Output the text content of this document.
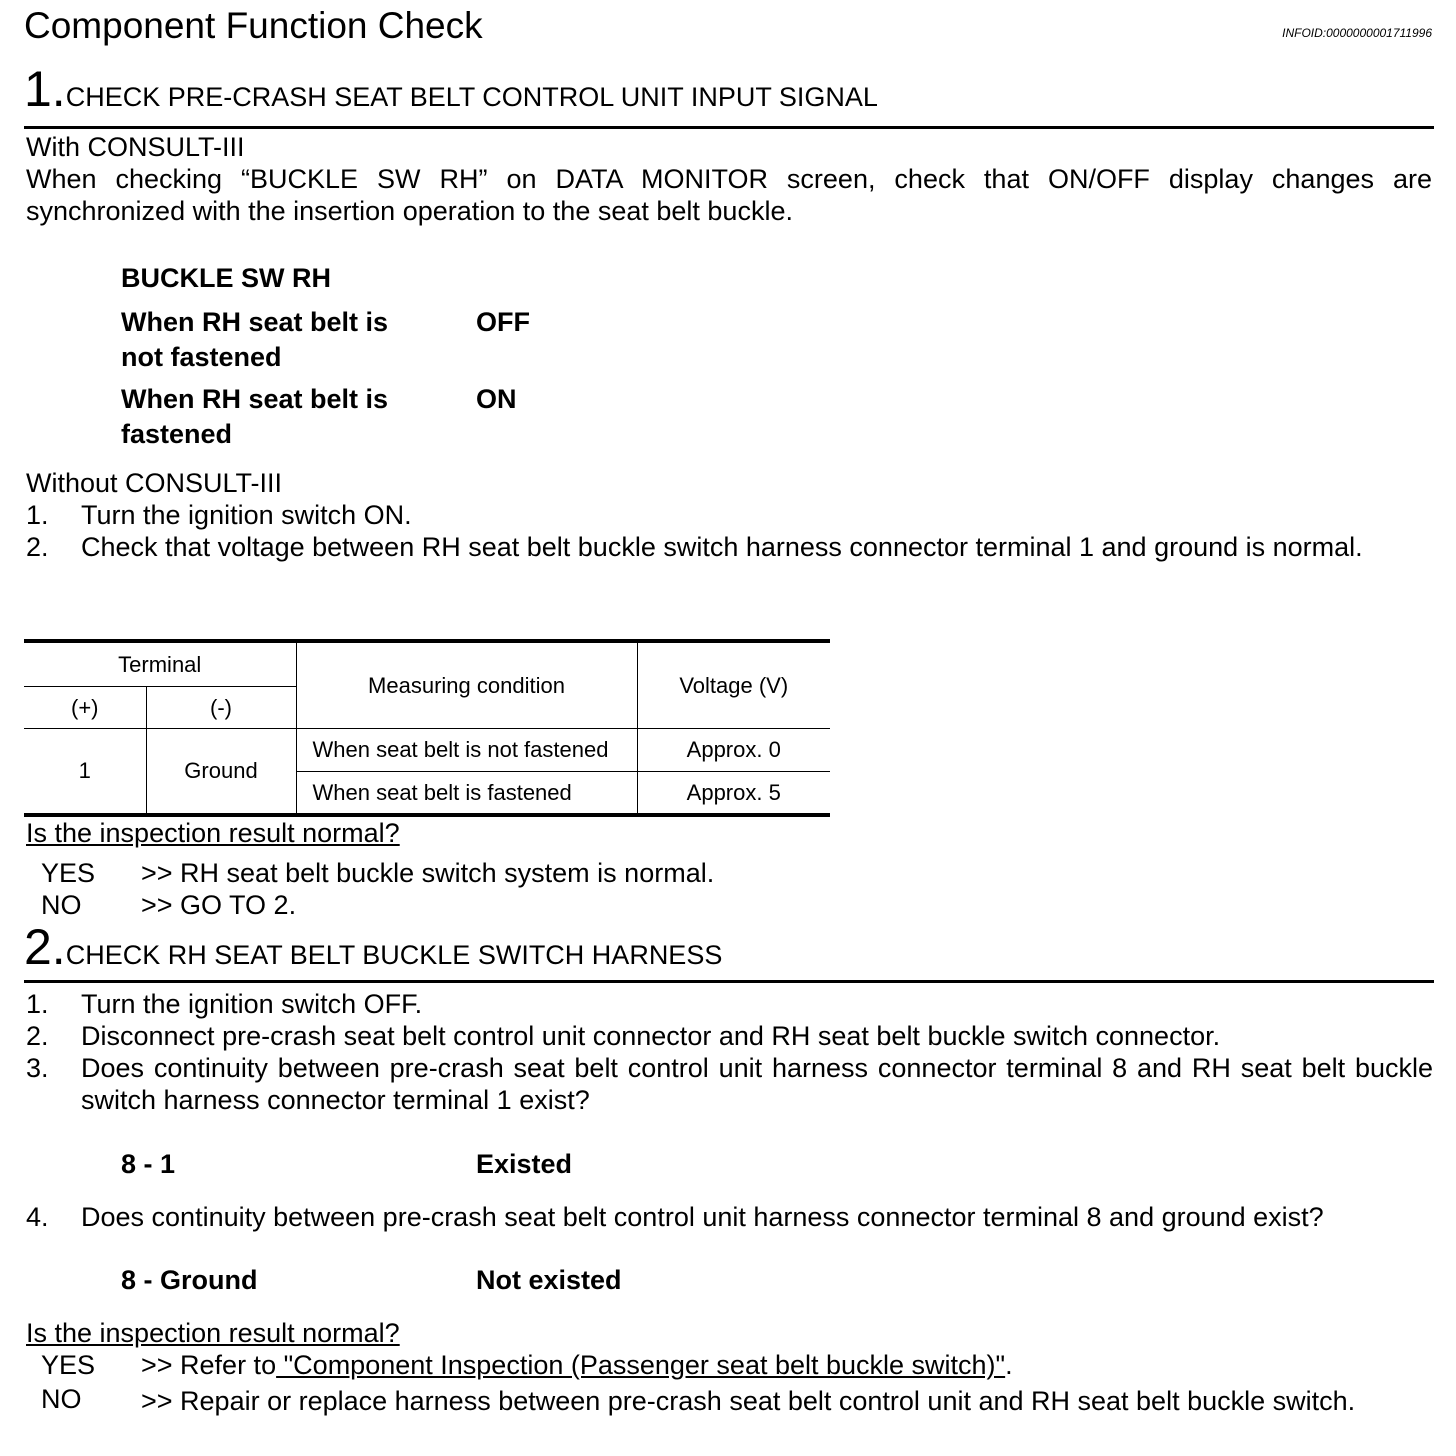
Component Function Check	INFOID:0000000001711996
1.CHECK PRE-CRASH SEAT BELT CONTROL UNIT INPUT SIGNAL
With CONSULT-III
When checking “BUCKLE SW RH” on DATA MONITOR screen, check that ON/OFF display changes are synchronized with the insertion operation to the seat belt buckle.
BUCKLE SW RH
When RH seat belt is
not fastened
OFF
When RH seat belt is
fastened
ON
Without CONSULT-III
1. Turn the ignition switch ON.
2. Check that voltage between RH seat belt buckle switch harness connector terminal 1 and ground is normal.
Terminal		Measuring condition	Voltage (V)
(+)	(-)		
1	Ground	When seat belt is not fastened	Approx. 0
		When seat belt is fastened	Approx. 5
Is the inspection result normal?
YES >> RH seat belt buckle switch system is normal.
NO >> GO TO 2.
2.CHECK RH SEAT BELT BUCKLE SWITCH HARNESS
1. Turn the ignition switch OFF.
2. Disconnect pre-crash seat belt control unit connector and RH seat belt buckle switch connector.
3. Does continuity between pre-crash seat belt control unit harness connector terminal 8 and RH seat belt buckle switch harness connector terminal 1 exist?
8 - 1	Existed
4. Does continuity between pre-crash seat belt control unit harness connector terminal 8 and ground exist?
8 - Ground	Not existed
Is the inspection result normal?
YES >> Refer to "Component Inspection (Passenger seat belt buckle switch)".
NO >> Repair or replace harness between pre-crash seat belt control unit and RH seat belt buckle switch.
